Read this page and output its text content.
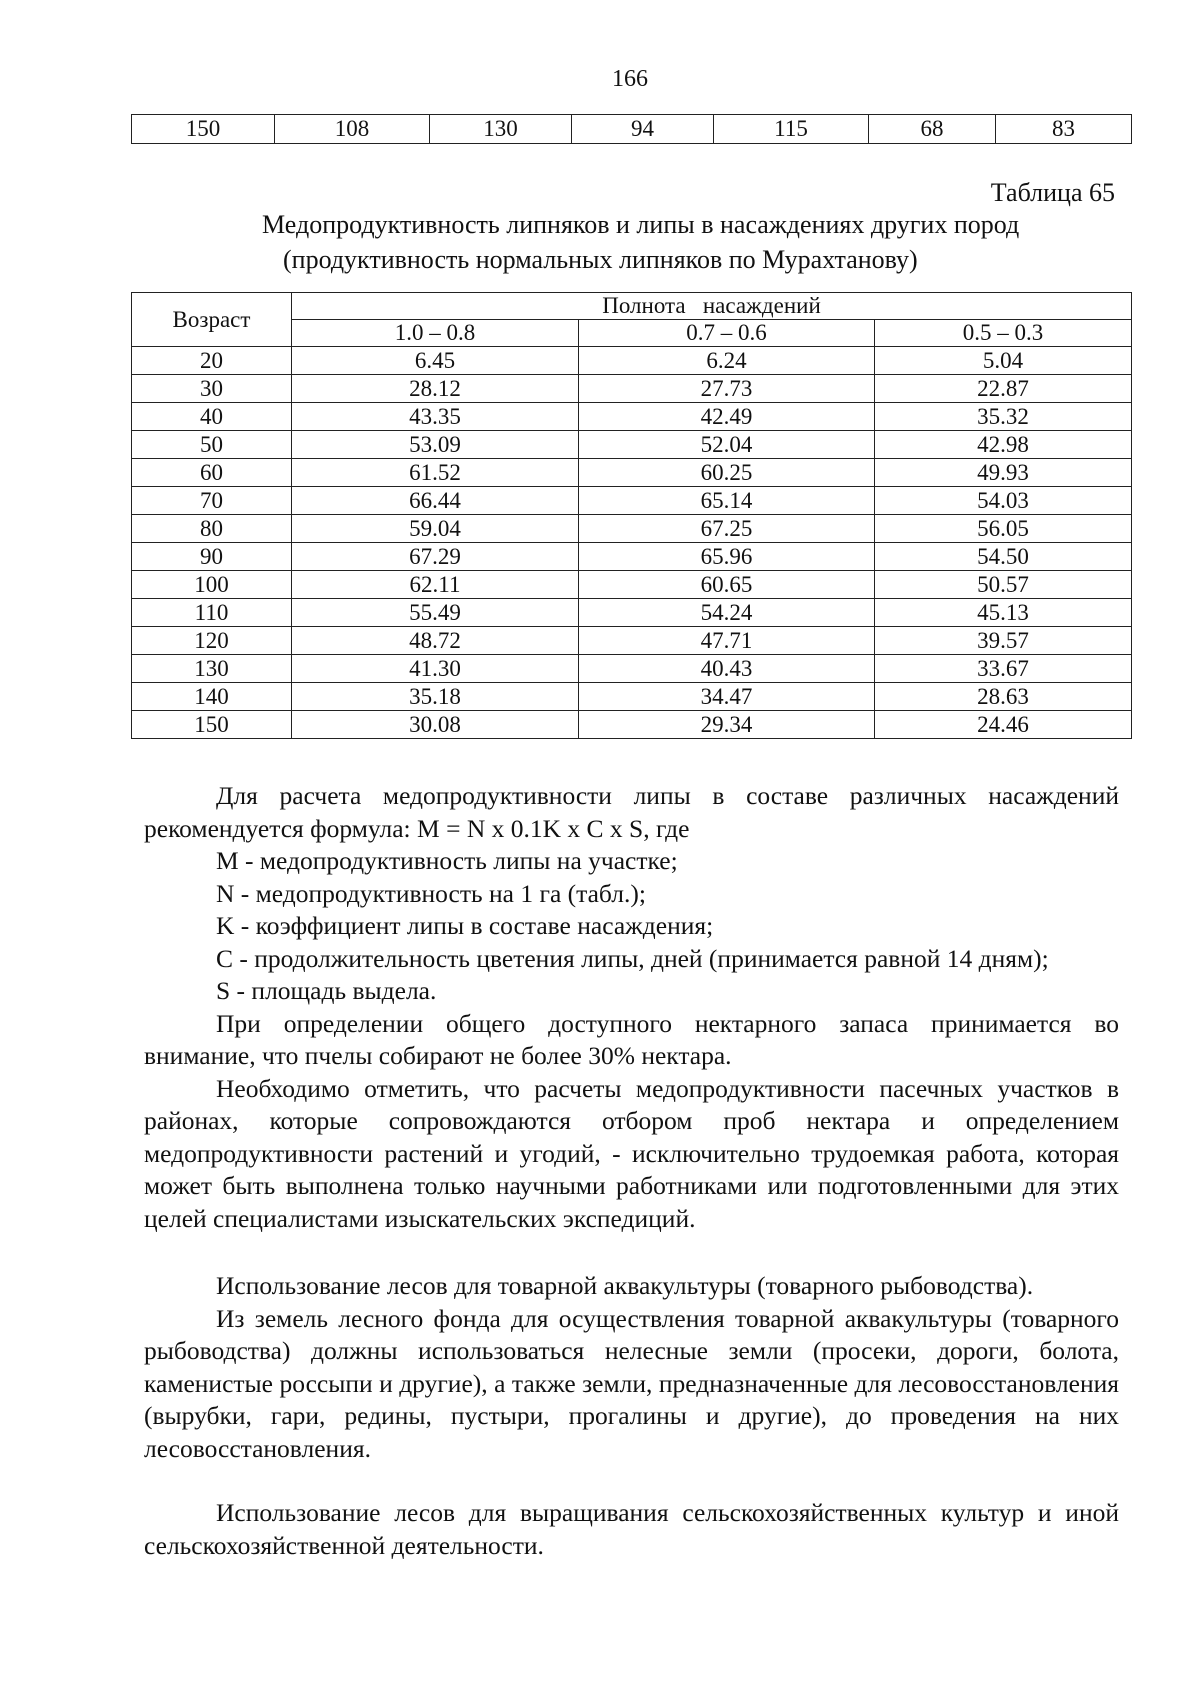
166
150	108	130	94	115	68	83
Таблица 65
Медопродуктивность липняков и липы в насаждениях других пород
(продуктивность нормальных липняков по Мурахтанову)
Возраст	Полнота   насаждений		
	1.0 – 0.8	0.7 – 0.6	0.5 – 0.3
20	6.45	6.24	5.04
30	28.12	27.73	22.87
40	43.35	42.49	35.32
50	53.09	52.04	42.98
60	61.52	60.25	49.93
70	66.44	65.14	54.03
80	59.04	67.25	56.05
90	67.29	65.96	54.50
100	62.11	60.65	50.57
110	55.49	54.24	45.13
120	48.72	47.71	39.57
130	41.30	40.43	33.67
140	35.18	34.47	28.63
150	30.08	29.34	24.46

Для расчета медопродуктивности липы в составе различных насаждений рекомендуется формула: M = N x 0.1K x C x S, где

M - медопродуктивность липы на участке;

N - медопродуктивность на 1 га (табл.);

K - коэффициент липы в составе насаждения;

C - продолжительность цветения липы, дней (принимается равной 14 дням);

S - площадь выдела.

При определении общего доступного нектарного запаса принимается во внимание, что пчелы собирают не более 30% нектара.

Необходимо отметить, что расчеты медопродуктивности пасечных участков в районах, которые сопровождаются отбором проб нектара и определением медопродуктивности растений и угодий, - исключительно трудоемкая работа, которая может быть выполнена только научными работниками или подготовленными для этих целей специалистами изыскательских экспедиций.

Использование лесов для товарной аквакультуры (товарного рыбоводства).

Из земель лесного фонда для осуществления товарной аквакультуры (товарного рыбоводства) должны использоваться нелесные земли (просеки, дороги, болота, каменистые россыпи и другие), а также земли, предназначенные для лесовосстановления (вырубки, гари, редины, пустыри, прогалины и другие), до проведения на них лесовосстановления.

Использование лесов для выращивания сельскохозяйственных культур и иной сельскохозяйственной деятельности.
